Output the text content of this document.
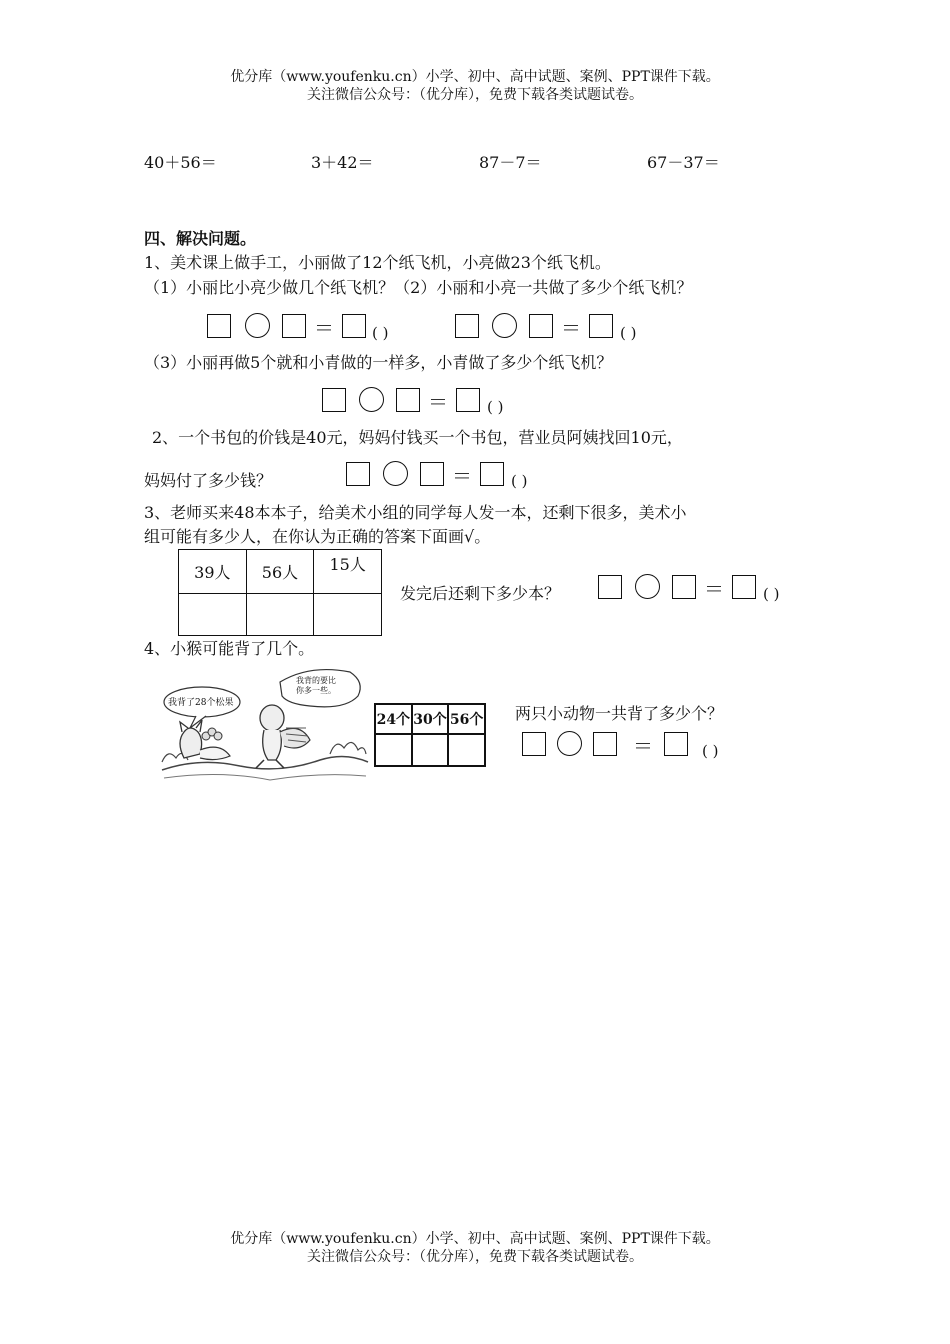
优分库（www.youfenku.cn）小学、初中、高中试题、案例、PPT课件下载。
关注微信公众号：（优分库），免费下载各类试题试卷。
40＋56＝	3＋42＝	87－7＝	67－37＝
四、解决问题。
1、美术课上做手工，小丽做了12个纸飞机，小亮做23个纸飞机。
（1）小丽比小亮少做几个纸飞机？（2）小丽和小亮一共做了多少个纸飞机？
＝	( )	＝	( )
（3）小丽再做5个就和小青做的一样多，小青做了多少个纸飞机？
＝	( )
2、一个书包的价钱是40元，妈妈付钱买一个书包，营业员阿姨找回10元，
妈妈付了多少钱？	＝	( )
3、老师买来48本本子，给美术小组的同学每人发一本，还剩下很多，美术小
组可能有多少人，在你认为正确的答案下面画√。
39人	56人	15人

发完后还剩下多少本？	＝	( )
4、小猴可能背了几个。
我背了28个松果
我背的要比你多一些。
24个	30个	56个
		两只小动物一共背了多少个？
＝	( )
优分库（www.youfenku.cn）小学、初中、高中试题、案例、PPT课件下载。
关注微信公众号：（优分库），免费下载各类试题试卷。
